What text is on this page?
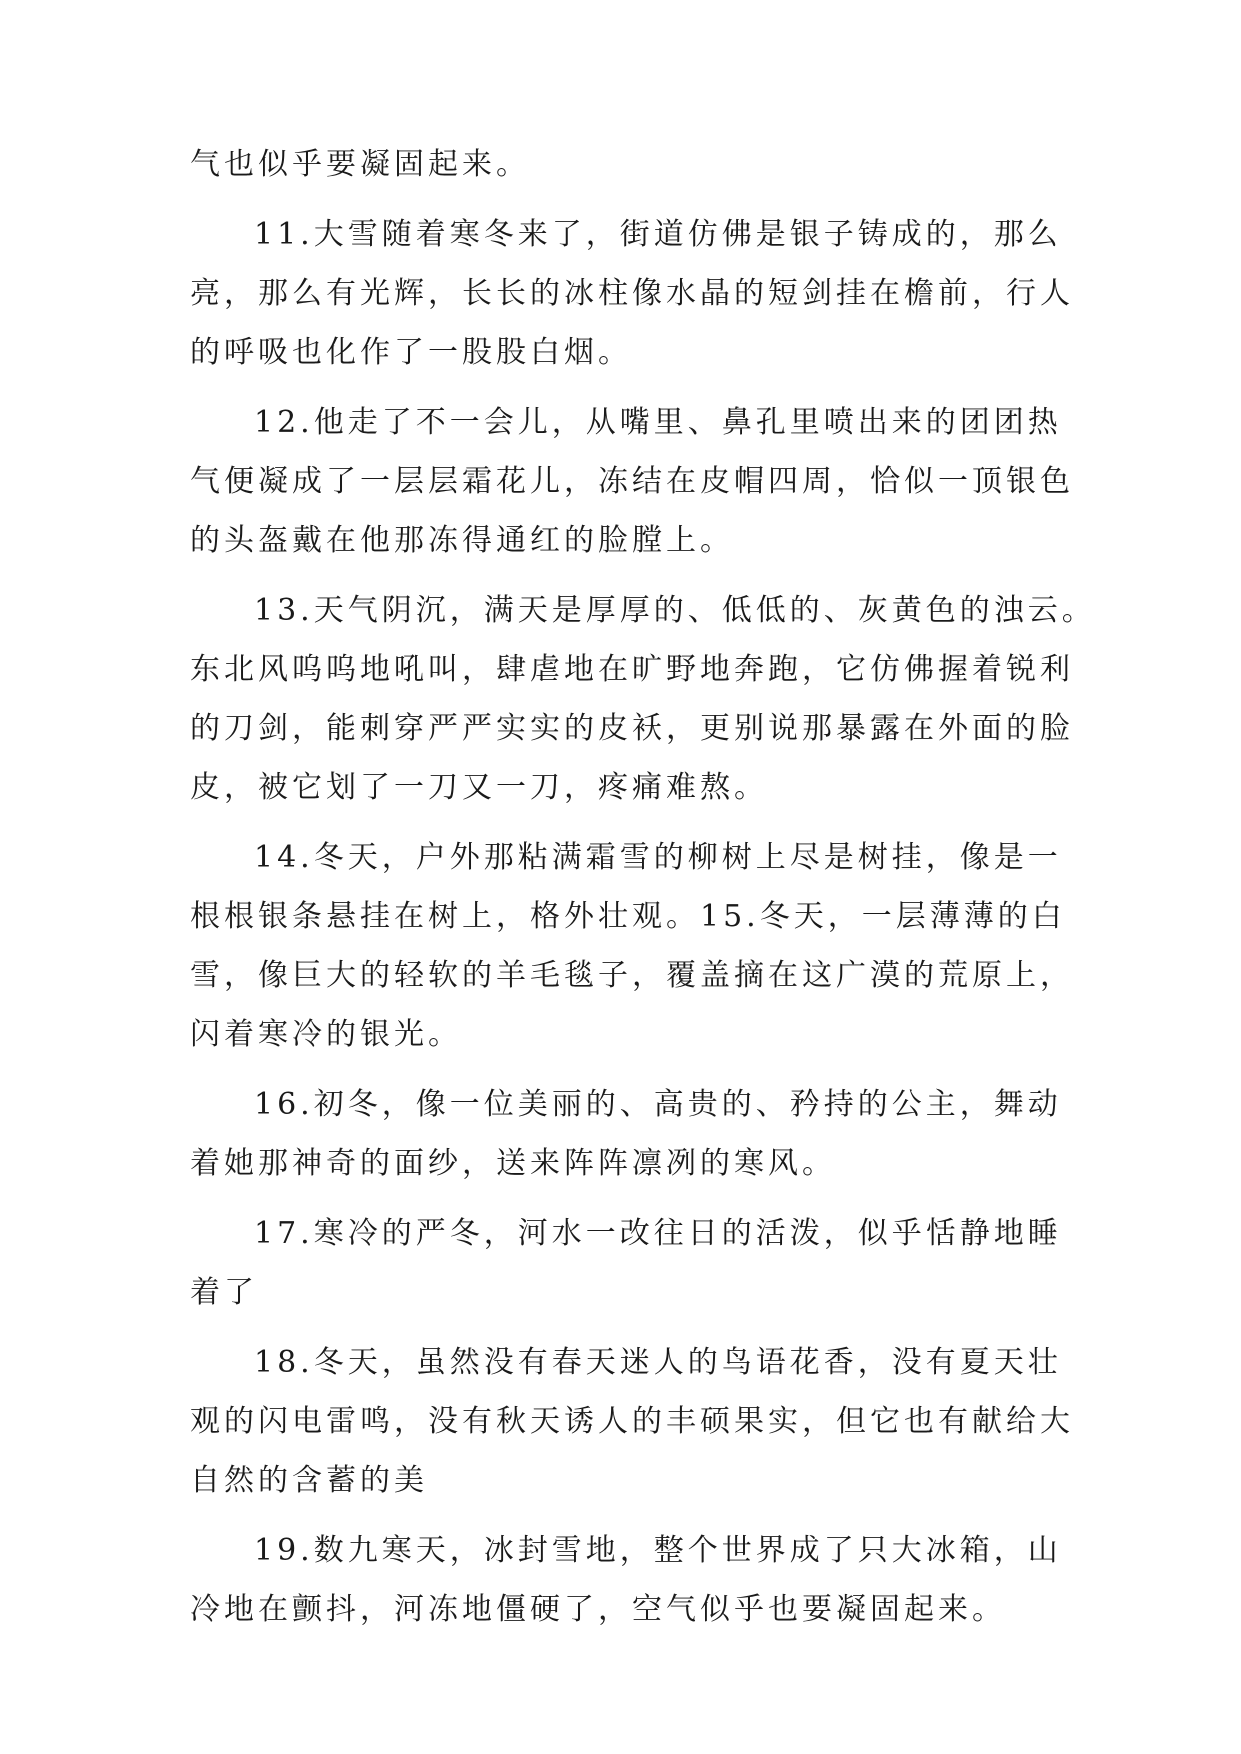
气也似乎要凝固起来。
11.大雪随着寒冬来了，街道仿佛是银子铸成的，那么
亮，那么有光辉，长长的冰柱像水晶的短剑挂在檐前，行人
的呼吸也化作了一股股白烟。
12.他走了不一会儿，从嘴里、鼻孔里喷出来的团团热
气便凝成了一层层霜花儿，冻结在皮帽四周，恰似一顶银色
的头盔戴在他那冻得通红的脸膛上。
13.天气阴沉，满天是厚厚的、低低的、灰黄色的浊云。
东北风呜呜地吼叫，肆虐地在旷野地奔跑，它仿佛握着锐利
的刀剑，能刺穿严严实实的皮袄，更别说那暴露在外面的脸
皮，被它划了一刀又一刀，疼痛难熬。
14.冬天，户外那粘满霜雪的柳树上尽是树挂，像是一
根根银条悬挂在树上，格外壮观。15.冬天，一层薄薄的白
雪，像巨大的轻软的羊毛毯子，覆盖摘在这广漠的荒原上，
闪着寒冷的银光。
16.初冬，像一位美丽的、高贵的、矜持的公主，舞动
着她那神奇的面纱，送来阵阵凛冽的寒风。
17.寒冷的严冬，河水一改往日的活泼，似乎恬静地睡
着了
18.冬天，虽然没有春天迷人的鸟语花香，没有夏天壮
观的闪电雷鸣，没有秋天诱人的丰硕果实，但它也有献给大
自然的含蓄的美
19.数九寒天，冰封雪地，整个世界成了只大冰箱，山
冷地在颤抖，河冻地僵硬了，空气似乎也要凝固起来。
